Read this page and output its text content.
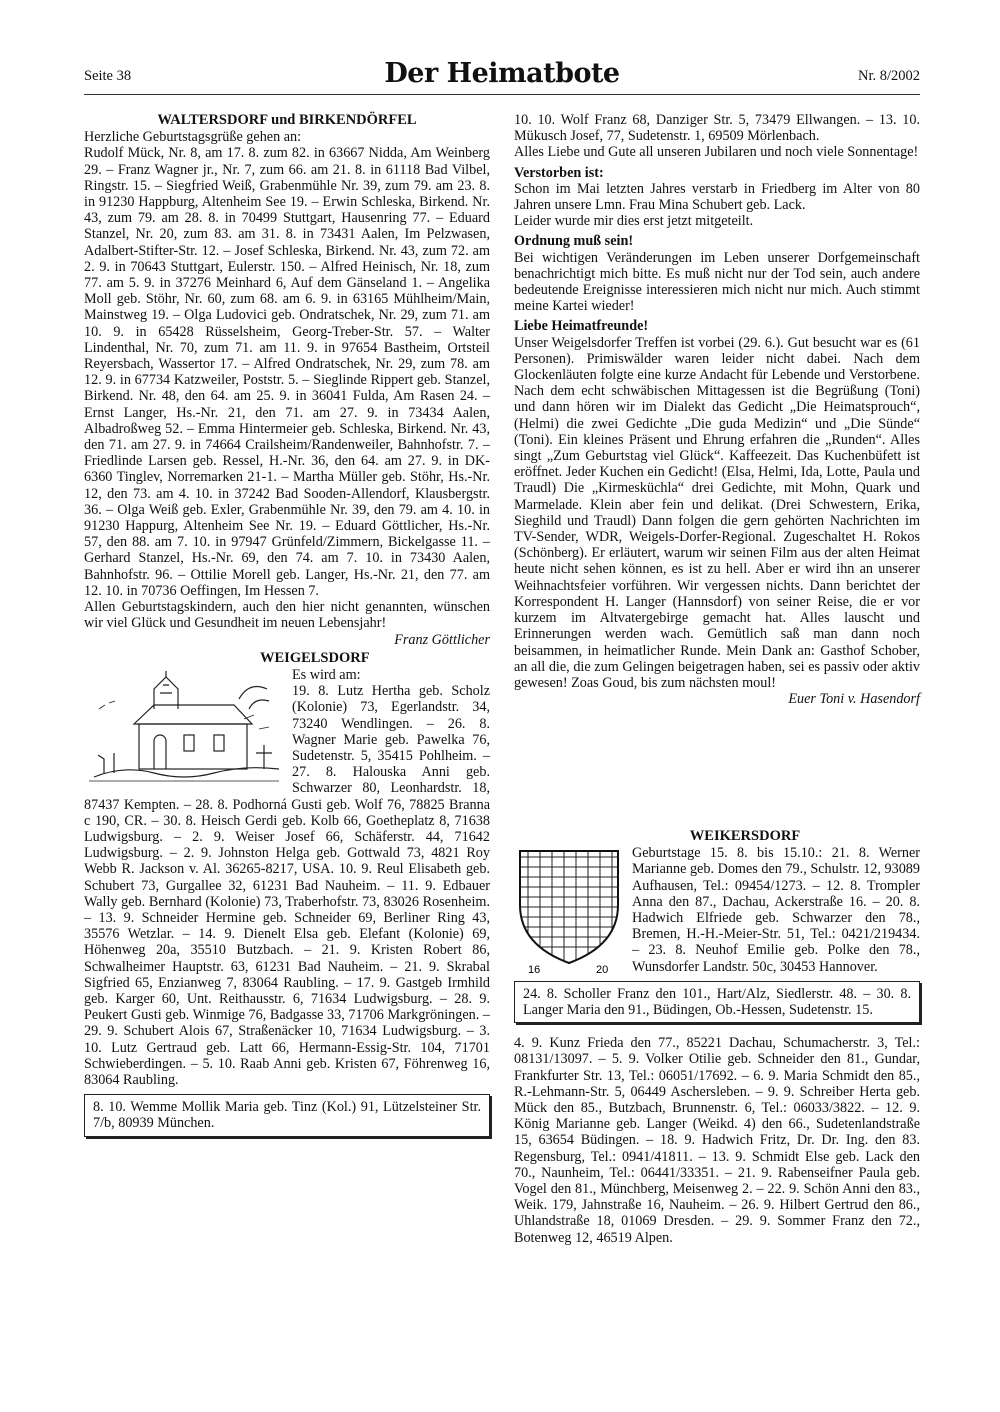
Seite 38	Der Heimatbote	Nr. 8/2002
WALTERSDORF und BIRKENDÖRFEL

Herzliche Geburtstagsgrüße gehen an:

Rudolf Mück, Nr. 8, am 17. 8. zum 82. in 63667 Nidda, Am Weinberg 29. – Franz Wagner jr., Nr. 7, zum 66. am 21. 8. in 61118 Bad Vilbel, Ringstr. 15. – Siegfried Weiß, Grabenmühle Nr. 39, zum 79. am 23. 8. in 91230 Happburg, Altenheim See 19. – Erwin Schleska, Birkend. Nr. 43, zum 79. am 28. 8. in 70499 Stuttgart, Hausenring 77. – Eduard Stanzel, Nr. 20, zum 83. am 31. 8. in 73431 Aalen, Im Pelzwasen, Adalbert-Stifter-Str. 12. – Josef Schleska, Birkend. Nr. 43, zum 72. am 2. 9. in 70643 Stuttgart, Eulerstr. 150. – Alfred Heinisch, Nr. 18, zum 77. am 5. 9. in 37276 Meinhard 6, Auf dem Gänseland 1. – Angelika Moll geb. Stöhr, Nr. 60, zum 68. am 6. 9. in 63165 Mühlheim/Main, Mainstweg 19. – Olga Ludovici geb. Ondratschek, Nr. 29, zum 71. am 10. 9. in 65428 Rüsselsheim, Georg-Treber-Str. 57. – Walter Lindenthal, Nr. 70, zum 71. am 11. 9. in 97654 Bastheim, Ortsteil Reyersbach, Wassertor 17. – Alfred Ondratschek, Nr. 29, zum 78. am 12. 9. in 67734 Katzweiler, Poststr. 5. – Sieglinde Rippert geb. Stanzel, Birkend. Nr. 48, den 64. am 25. 9. in 36041 Fulda, Am Rasen 24. – Ernst Langer, Hs.-Nr. 21, den 71. am 27. 9. in 73434 Aalen, Albadroßweg 52. – Emma Hintermeier geb. Schleska, Birkend. Nr. 43, den 71. am 27. 9. in 74664 Crailsheim/Randenweiler, Bahnhofstr. 7. – Friedlinde Larsen geb. Ressel, H.-Nr. 36, den 64. am 27. 9. in DK-6360 Tinglev, Norremarken 21-1. – Martha Müller geb. Stöhr, Hs.-Nr. 12, den 73. am 4. 10. in 37242 Bad Sooden-Allendorf, Klausbergstr. 36. – Olga Weiß geb. Exler, Grabenmühle Nr. 39, den 79. am 4. 10. in 91230 Happurg, Altenheim See Nr. 19. – Eduard Göttlicher, Hs.-Nr. 57, den 88. am 7. 10. in 97947 Grünfeld/Zimmern, Bickelgasse 11. – Gerhard Stanzel, Hs.-Nr. 69, den 74. am 7. 10. in 73430 Aalen, Bahnhofstr. 96. – Ottilie Morell geb. Langer, Hs.-Nr. 21, den 77. am 12. 10. in 70736 Oeffingen, Im Hessen 7.

Allen Geburtstagskindern, auch den hier nicht genannten, wünschen wir viel Glück und Gesundheit im neuen Lebensjahr!

Franz Göttlicher
WEIGELSDORF

Es wird am:

19. 8. Lutz Hertha geb. Scholz (Kolonie) 73, Egerlandstr. 34, 73240 Wendlingen. – 26. 8. Wagner Marie geb. Pawelka 76, Sudetenstr. 5, 35415 Pohlheim. – 27. 8. Halouska Anni geb. Schwarzer 80, Leonhardstr. 18, 87437 Kempten. – 28. 8. Podhorná Gusti geb. Wolf 76, 78825 Branna c 190, CR. – 30. 8. Heisch Gerdi geb. Kolb 66, Goetheplatz 8, 71638 Ludwigsburg. – 2. 9. Weiser Josef 66, Schäferstr. 44, 71642 Ludwigsburg. – 2. 9. Johnston Helga geb. Gottwald 73, 4821 Roy Webb R. Jackson v. Al. 36265-8217, USA. 10. 9. Reul Elisabeth geb. Schubert 73, Gurgallee 32, 61231 Bad Nauheim. – 11. 9. Edbauer Wally geb. Bernhard (Kolonie) 73, Traberhofstr. 73, 83026 Rosenheim. – 13. 9. Schneider Hermine geb. Schneider 69, Berliner Ring 43, 35576 Wetzlar. – 14. 9. Dienelt Elsa geb. Elefant (Kolonie) 69, Höhenweg 20a, 35510 Butzbach. – 21. 9. Kristen Robert 86, Schwalheimer Hauptstr. 63, 61231 Bad Nauheim. – 21. 9. Skrabal Sigfried 65, Enzianweg 7, 83064 Raubling. – 17. 9. Gastgeb Irmhild geb. Karger 60, Unt. Reithausstr. 6, 71634 Ludwigsburg. – 28. 9. Peukert Gusti geb. Winmige 76, Badgasse 33, 71706 Markgröningen. – 29. 9. Schubert Alois 67, Straßenäcker 10, 71634 Ludwigsburg. – 3. 10. Lutz Gertraud geb. Latt 66, Hermann-Essig-Str. 104, 71701 Schwieberdingen. – 5. 10. Raab Anni geb. Kristen 67, Föhrenweg 16, 83064 Raubling.

8. 10. Wemme Mollik Maria geb. Tinz (Kol.) 91, Lützelsteiner Str. 7/b, 80939 München.

10. 10. Wolf Franz 68, Danziger Str. 5, 73479 Ellwangen. – 13. 10. Mükusch Josef, 77, Sudetenstr. 1, 69509 Mörlenbach.

Alles Liebe und Gute all unseren Jubilaren und noch viele Sonnentage!

Verstorben ist:

Schon im Mai letzten Jahres verstarb in Friedberg im Alter von 80 Jahren unsere Lmn. Frau Mina Schubert geb. Lack.

Leider wurde mir dies erst jetzt mitgeteilt.

Ordnung muß sein!

Bei wichtigen Veränderungen im Leben unserer Dorfgemeinschaft benachrichtigt mich bitte. Es muß nicht nur der Tod sein, auch andere bedeutende Ereignisse interessieren mich nicht nur mich. Auch stimmt meine Kartei wieder!

Liebe Heimatfreunde!

Unser Weigelsdorfer Treffen ist vorbei (29. 6.). Gut besucht war es (61 Personen). Primiswälder waren leider nicht dabei. Nach dem Glockenläuten folgte eine kurze Andacht für Lebende und Verstorbene. Nach dem echt schwäbischen Mittagessen ist die Begrüßung (Toni) und dann hören wir im Dialekt das Gedicht „Die Heimatsprouch“, (Helmi) die zwei Gedichte „Die guda Medizin“ und „Die Sünde“ (Toni). Ein kleines Präsent und Ehrung erfahren die „Runden“. Alles singt „Zum Geburtstag viel Glück“. Kaffeezeit. Das Kuchenbüfett ist eröffnet. Jeder Kuchen ein Gedicht! (Elsa, Helmi, Ida, Lotte, Paula und Traudl) Die „Kirmesküchla“ drei Gedichte, mit Mohn, Quark und Marmelade. Klein aber fein und delikat. (Drei Schwestern, Erika, Sieghild und Traudl) Dann folgen die gern gehörten Nachrichten im TV-Sender, WDR, Weigels-Dorfer-Regional. Zugeschaltet H. Rokos (Schönberg). Er erläutert, warum wir seinen Film aus der alten Heimat heute nicht sehen können, es ist zu hell. Aber er wird ihn an unserer Weihnachtsfeier vorführen. Wir vergessen nichts. Dann berichtet der Korrespondent H. Langer (Hannsdorf) von seiner Reise, die er vor kurzem im Altvatergebirge gemacht hat. Alles lauscht und Erinnerungen werden wach. Gemütlich saß man dann noch beisammen, in heimatlicher Runde. Mein Dank an: Gasthof Schober, an all die, die zum Gelingen beigetragen haben, sei es passiv oder aktiv gewesen! Zoas Goud, bis zum nächsten moul!

Euer Toni v. Hasendorf
WEIKERSDORF
16	20

Geburtstage 15. 8. bis 15.10.: 21. 8. Werner Marianne geb. Domes den 79., Schulstr. 12, 93089 Aufhausen, Tel.: 09454/1273. – 12. 8. Trompler Anna den 87., Dachau, Ackerstraße 16. – 20. 8. Hadwich Elfriede geb. Schwarzer den 78., Bremen, H.-H.-Meier-Str. 51, Tel.: 0421/219434. – 23. 8. Neuhof Emilie geb. Polke den 78., Wunsdorfer Landstr. 50c, 30453 Hannover.

24. 8. Scholler Franz den 101., Hart/Alz, Siedlerstr. 48. – 30. 8. Langer Maria den 91., Büdingen, Ob.-Hessen, Sudetenstr. 15.

4. 9. Kunz Frieda den 77., 85221 Dachau, Schumacherstr. 3, Tel.: 08131/13097. – 5. 9. Volker Otilie geb. Schneider den 81., Gundar, Frankfurter Str. 13, Tel.: 06051/17692. – 6. 9. Maria Schmidt den 85., R.-Lehmann-Str. 5, 06449 Aschersleben. – 9. 9. Schreiber Herta geb. Mück den 85., Butzbach, Brunnenstr. 6, Tel.: 06033/3822. – 12. 9. König Marianne geb. Langer (Weikd. 4) den 66., Sudetenlandstraße 15, 63654 Büdingen. – 18. 9. Hadwich Fritz, Dr. Dr. Ing. den 83. Regensburg, Tel.: 0941/41811. – 13. 9. Schmidt Else geb. Lack den 70., Naunheim, Tel.: 06441/33351. – 21. 9. Rabenseifner Paula geb. Vogel den 81., Münchberg, Meisenweg 2. – 22. 9. Schön Anni den 83., Weik. 179, Jahnstraße 16, Nauheim. – 26. 9. Hilbert Gertrud den 86., Uhlandstraße 18, 01069 Dresden. – 29. 9. Sommer Franz den 72., Botenweg 12, 46519 Alpen.
